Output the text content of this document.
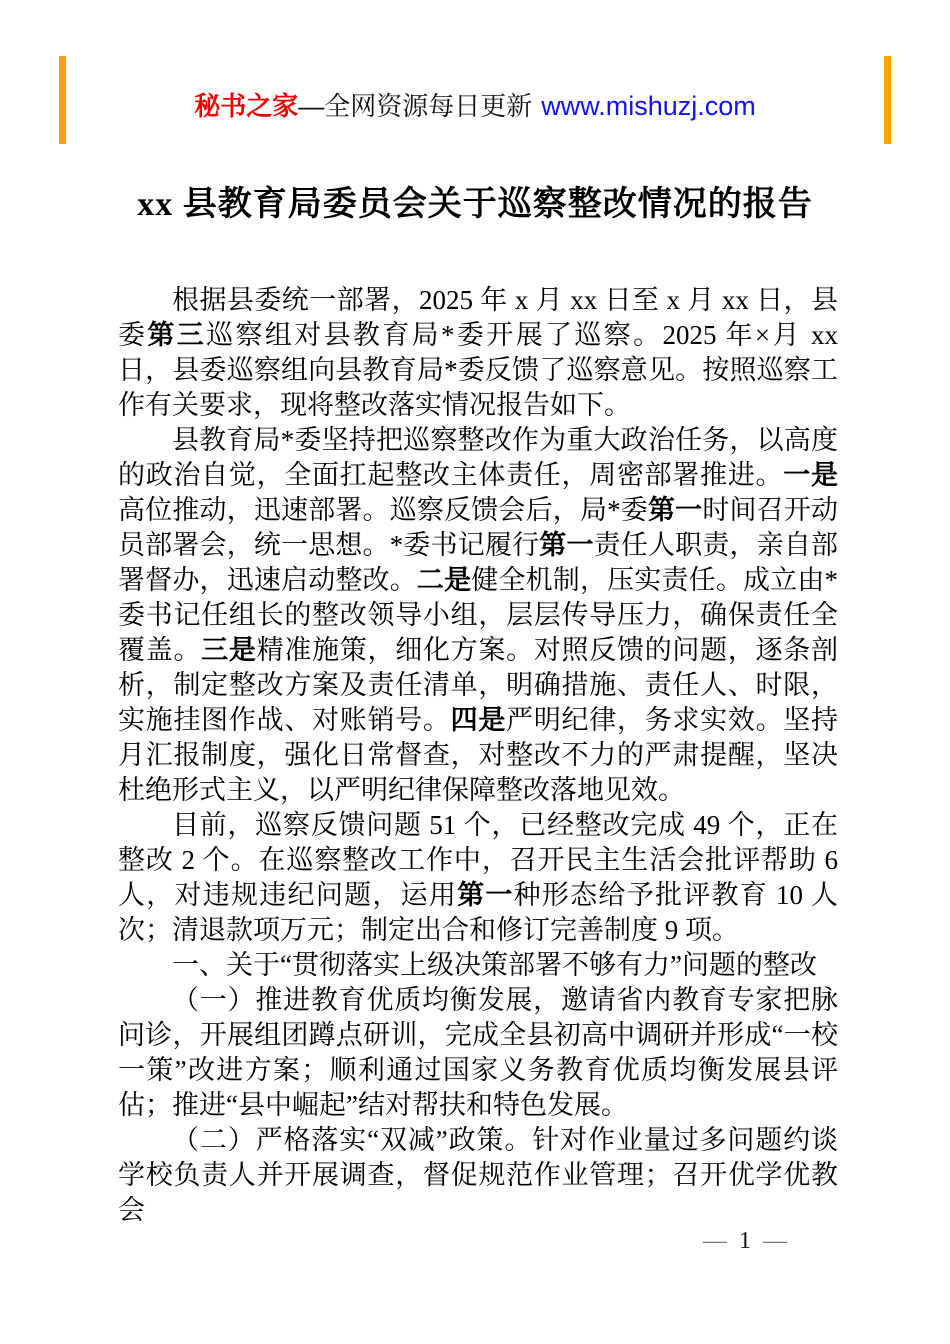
秘书之家—全网资源每日更新 www.mishuzj.com
xx 县教育局委员会关于巡察整改情况的报告

根据县委统一部署，2025 年 x 月 xx 日至 x 月 xx 日，县委第三巡察组对县教育局*委开展了巡察。2025 年×月 xx 日，县委巡察组向县教育局*委反馈了巡察意见。按照巡察工作有关要求，现将整改落实情况报告如下。

县教育局*委坚持把巡察整改作为重大政治任务，以高度的政治自觉，全面扛起整改主体责任，周密部署推进。一是高位推动，迅速部署。巡察反馈会后，局*委第一时间召开动员部署会，统一思想。*委书记履行第一责任人职责，亲自部署督办，迅速启动整改。二是健全机制，压实责任。成立由*委书记任组长的整改领导小组，层层传导压力，确保责任全覆盖。三是精准施策，细化方案。对照反馈的问题，逐条剖析，制定整改方案及责任清单，明确措施、责任人、时限，实施挂图作战、对账销号。四是严明纪律，务求实效。坚持月汇报制度，强化日常督查，对整改不力的严肃提醒，坚决杜绝形式主义，以严明纪律保障整改落地见效。

目前，巡察反馈问题 51 个，已经整改完成 49 个，正在整改 2 个。在巡察整改工作中，召开民主生活会批评帮助 6 人，对违规违纪问题，运用第一种形态给予批评教育 10 人次；清退款项万元；制定出合和修订完善制度 9 项。

一、关于“贯彻落实上级决策部署不够有力”问题的整改

（一）推进教育优质均衡发展，邀请省内教育专家把脉问诊，开展组团蹲点研训，完成全县初高中调研并形成“一校一策”改进方案；顺利通过国家义务教育优质均衡发展县评估；推进“县中崛起”结对帮扶和特色发展。

（二）严格落实“双减”政策。针对作业量过多问题约谈学校负责人并开展调查，督促规范作业管理；召开优学优教会

— 1 —
